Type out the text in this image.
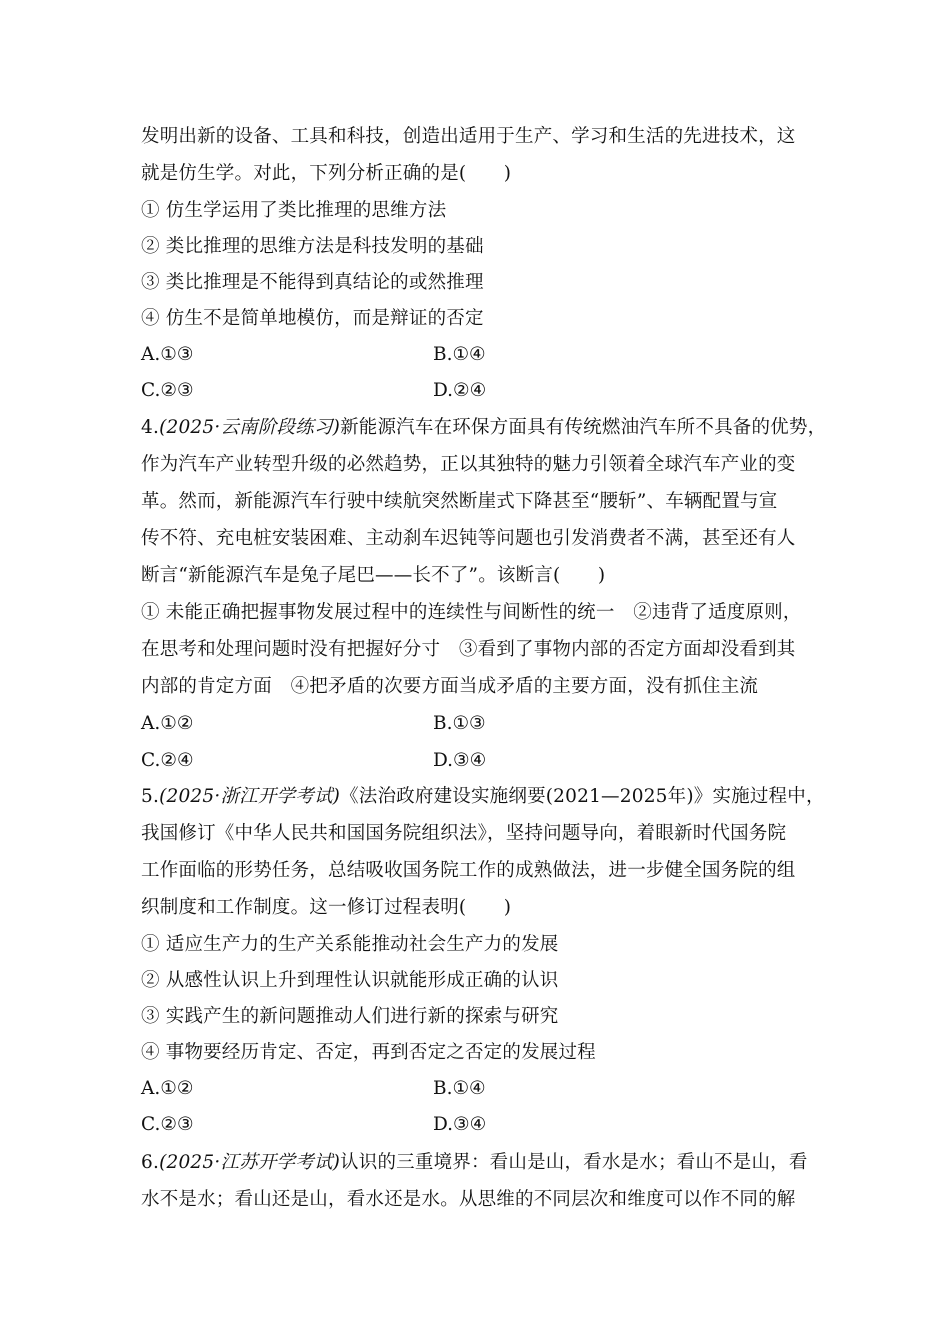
发明出新的设备、工具和科技，创造出适用于生产、学习和生活的先进技术，这
就是仿生学。对此，下列分析正确的是(　　)
① 仿生学运用了类比推理的思维方法
② 类比推理的思维方法是科技发明的基础
③ 类比推理是不能得到真结论的或然推理
④ 仿生不是简单地模仿，而是辩证的否定
A.①③	B.①④
C.②③	D.②④
4.(2025·云南阶段练习)新能源汽车在环保方面具有传统燃油汽车所不具备的优势，
作为汽车产业转型升级的必然趋势，正以其独特的魅力引领着全球汽车产业的变
革。然而，新能源汽车行驶中续航突然断崖式下降甚至“腰斩”、车辆配置与宣
传不符、充电桩安装困难、主动刹车迟钝等问题也引发消费者不满，甚至还有人
断言“新能源汽车是兔子尾巴——长不了”。该断言(　　)
① 未能正确把握事物发展过程中的连续性与间断性的统一　②违背了适度原则，
在思考和处理问题时没有把握好分寸　③看到了事物内部的否定方面却没看到其
内部的肯定方面　④把矛盾的次要方面当成矛盾的主要方面，没有抓住主流
A.①②	B.①③
C.②④	D.③④
5.(2025·浙江开学考试)《法治政府建设实施纲要(2021—2025年)》实施过程中，
我国修订《中华人民共和国国务院组织法》，坚持问题导向，着眼新时代国务院
工作面临的形势任务，总结吸收国务院工作的成熟做法，进一步健全国务院的组
织制度和工作制度。这一修订过程表明(　　)
① 适应生产力的生产关系能推动社会生产力的发展
② 从感性认识上升到理性认识就能形成正确的认识
③ 实践产生的新问题推动人们进行新的探索与研究
④ 事物要经历肯定、否定，再到否定之否定的发展过程
A.①②	B.①④
C.②③	D.③④
6.(2025·江苏开学考试)认识的三重境界：看山是山，看水是水；看山不是山，看
水不是水；看山还是山，看水还是水。从思维的不同层次和维度可以作不同的解
